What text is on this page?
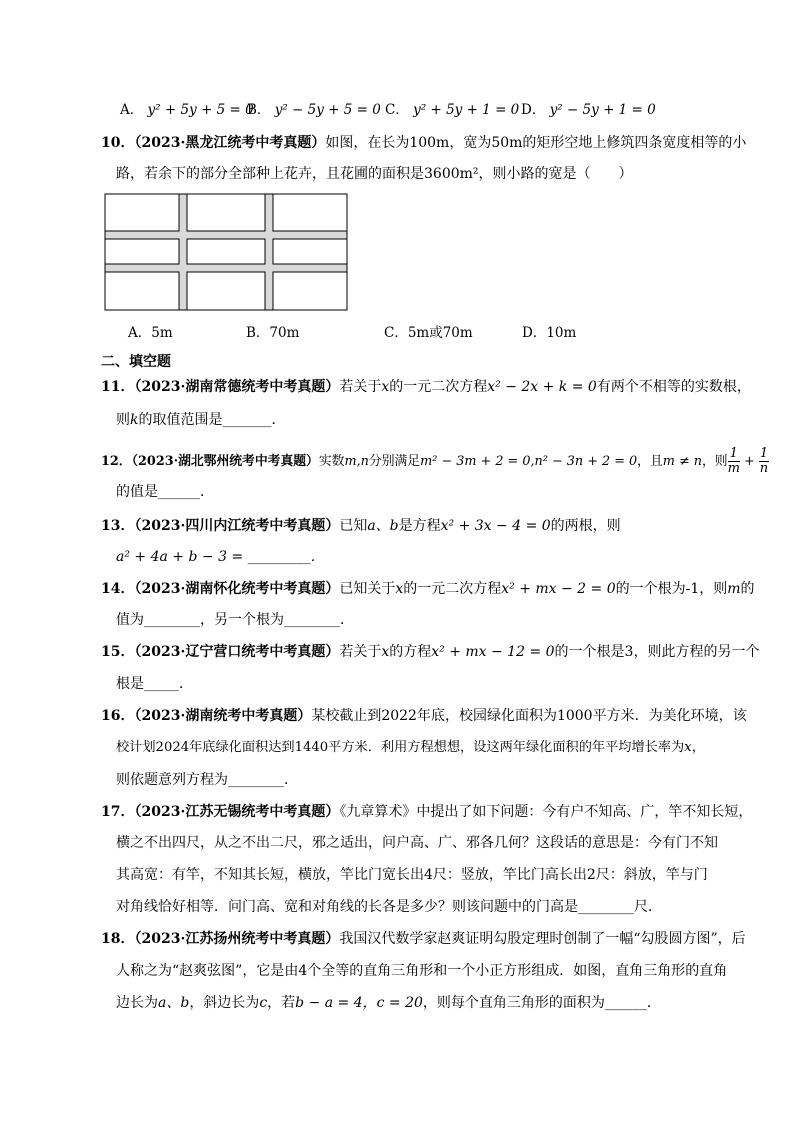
A． y² + 5y + 5 = 0
B． y² − 5y + 5 = 0 C． y² + 5y + 1 = 0 D． y² − 5y + 1 = 0
10．（2023·黑龙江统考中考真题）如图，在长为100m，宽为50m的矩形空地上修筑四条宽度相等的小
路，若余下的部分全部种上花卉，且花圃的面积是3600m²，则小路的宽是（　　）
A．5m	B．70m	C．5m或70m	D．10m
二、填空题
11．（2023·湖南常德统考中考真题）若关于x的一元二次方程x² − 2x + k = 0有两个不相等的实数根，
则k的取值范围是_______．
12．（2023·湖北鄂州统考中考真题）实数m,n分别满足m² − 3m + 2 = 0,n² − 3n + 2 = 0，且m ≠ n，则 $\frac{1}{m} + \frac{1}{n}$
的值是______．
13．（2023·四川内江统考中考真题）已知a、b是方程x² + 3x − 4 = 0的两根，则
a² + 4a + b − 3 = _________．
14．（2023·湖南怀化统考中考真题）已知关于x的一元二次方程x² + mx − 2 = 0的一个根为-1，则m的
值为________，另一个根为________．
15．（2023·辽宁营口统考中考真题）若关于x的方程x² + mx − 12 = 0的一个根是3，则此方程的另一个
根是_____．
16．（2023·湖南统考中考真题）某校截止到2022年底，校园绿化面积为1000平方米．为美化环境，该
校计划2024年底绿化面积达到1440平方米．利用方程想想，设这两年绿化面积的年平均增长率为x，
则依题意列方程为________．
17．（2023·江苏无锡统考中考真题）《九章算术》中提出了如下问题：今有户不知高、广，竿不知长短，
横之不出四尺，从之不出二尺，邪之适出，问户高、广、邪各几何？这段话的意思是：今有门不知
其高宽：有竿，不知其长短，横放，竿比门宽长出4尺：竖放，竿比门高长出2尺：斜放，竿与门
对角线恰好相等．问门高、宽和对角线的长各是多少？则该问题中的门高是________尺．
18．（2023·江苏扬州统考中考真题）我国汉代数学家赵爽证明勾股定理时创制了一幅“勾股圆方图”，后
人称之为“赵爽弦图”，它是由4个全等的直角三角形和一个小正方形组成．如图，直角三角形的直角
边长为a、b，斜边长为c，若b − a = 4，c = 20，则每个直角三角形的面积为______．
